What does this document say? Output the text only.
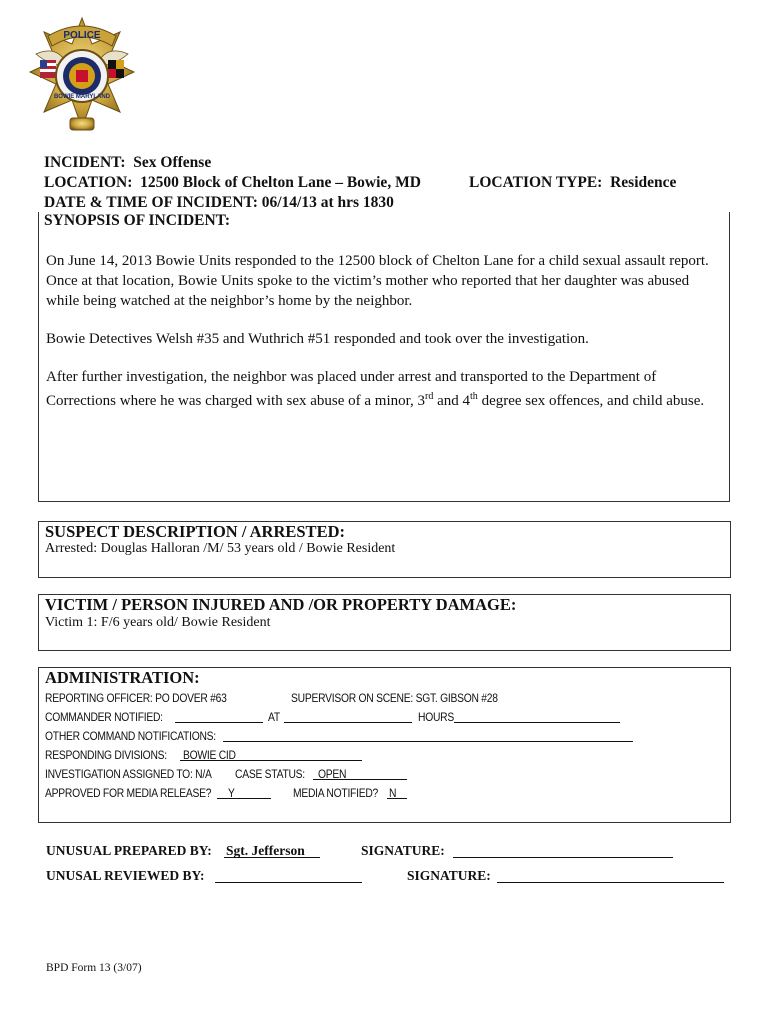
POLICE
BOWIE MARYLAND
INCIDENT: Sex Offense
LOCATION: 12500 Block of Chelton Lane – Bowie, MD	LOCATION TYPE: Residence
DATE & TIME OF INCIDENT: 06/14/13 at hrs 1830
SYNOPSIS OF INCIDENT:
On June 14, 2013 Bowie Units responded to the 12500 block of Chelton Lane for a child sexual assault report. Once at that location, Bowie Units spoke to the victim’s mother who reported that her daughter was abused while being watched at the neighbor’s home by the neighbor.
Bowie Detectives Welsh #35 and Wuthrich #51 responded and took over the investigation.
After further investigation, the neighbor was placed under arrest and transported to the Department of Corrections where he was charged with sex abuse of a minor, 3rd and 4th degree sex offences, and child abuse.
SUSPECT DESCRIPTION / ARRESTED:
Arrested: Douglas Halloran /M/ 53 years old / Bowie Resident
VICTIM / PERSON INJURED AND /OR PROPERTY DAMAGE:
Victim 1: F/6 years old/ Bowie Resident
ADMINISTRATION:
REPORTING OFFICER: PO DOVER #63	SUPERVISOR ON SCENE: SGT. GIBSON #28
COMMANDER NOTIFIED:	AT	HOURS
OTHER COMMAND NOTIFICATIONS:
RESPONDING DIVISIONS: BOWIE CID
INVESTIGATION ASSIGNED TO: N/A CASE STATUS: OPEN
APPROVED FOR MEDIA RELEASE? Y	MEDIA NOTIFIED? N
UNUSUAL PREPARED BY: Sgt. Jefferson	SIGNATURE:
UNUSAL REVIEWED BY:	SIGNATURE:
BPD Form 13 (3/07)
